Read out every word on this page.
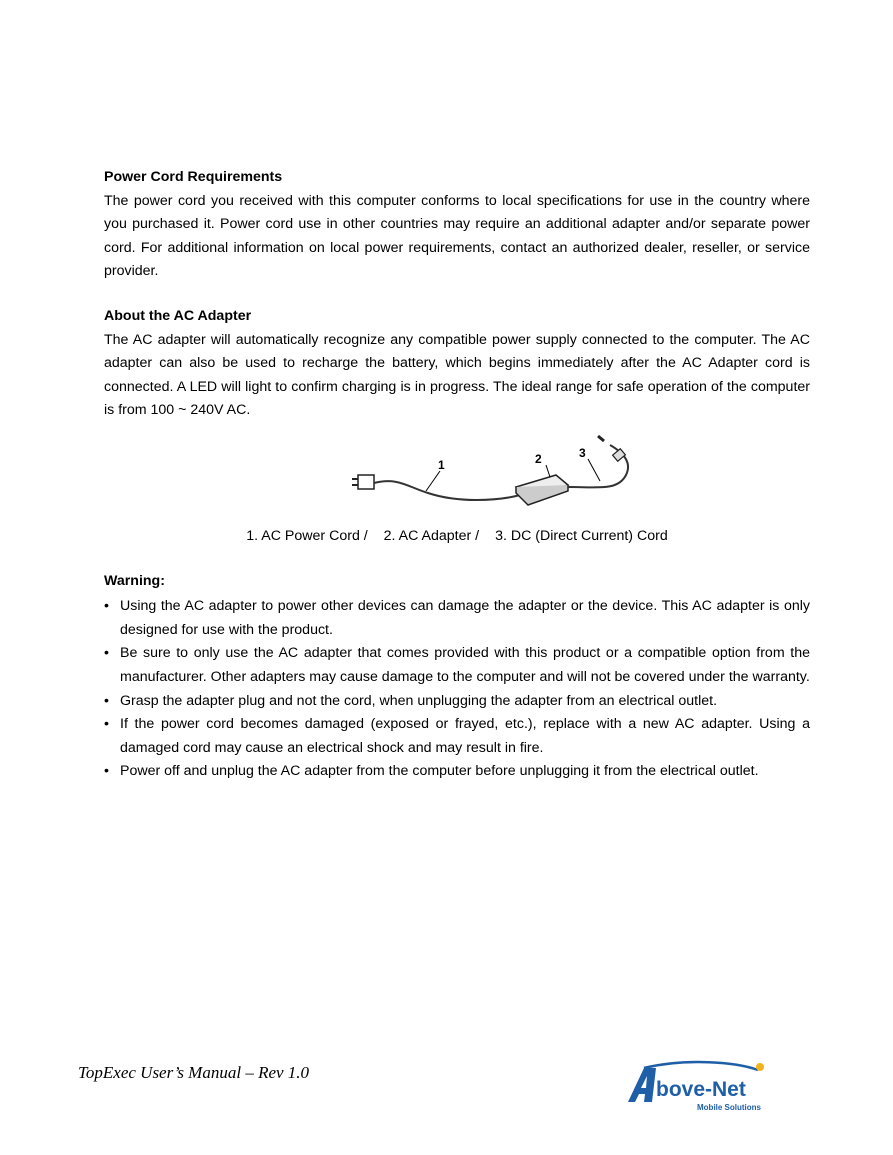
Power Cord Requirements

The power cord you received with this computer conforms to local specifications for use in the country where you purchased it. Power cord use in other countries may require an additional adapter and/or separate power cord. For additional information on local power requirements, contact an authorized dealer, reseller, or service provider.

About the AC Adapter

The AC adapter will automatically recognize any compatible power supply connected to the computer. The AC adapter can also be used to recharge the battery, which begins immediately after the AC Adapter cord is connected. A LED will light to confirm charging is in progress. The ideal range for safe operation of the computer is from 100 ~ 240V AC.

1	2	3

1. AC Power Cord / 2. AC Adapter / 3. DC (Direct Current) Cord

Warning:

• Using the AC adapter to power other devices can damage the adapter or the device. This AC adapter is only designed for use with the product.
• Be sure to only use the AC adapter that comes provided with this product or a compatible option from the manufacturer. Other adapters may cause damage to the computer and will not be covered under the warranty.
• Grasp the adapter plug and not the cord, when unplugging the adapter from an electrical outlet.
• If the power cord becomes damaged (exposed or frayed, etc.), replace with a new AC adapter. Using a damaged cord may cause an electrical shock and may result in fire.
• Power off and unplug the AC adapter from the computer before unplugging it from the electrical outlet.
TopExec User’s Manual – Rev 1.0
bove-Net
Mobile Solutions
